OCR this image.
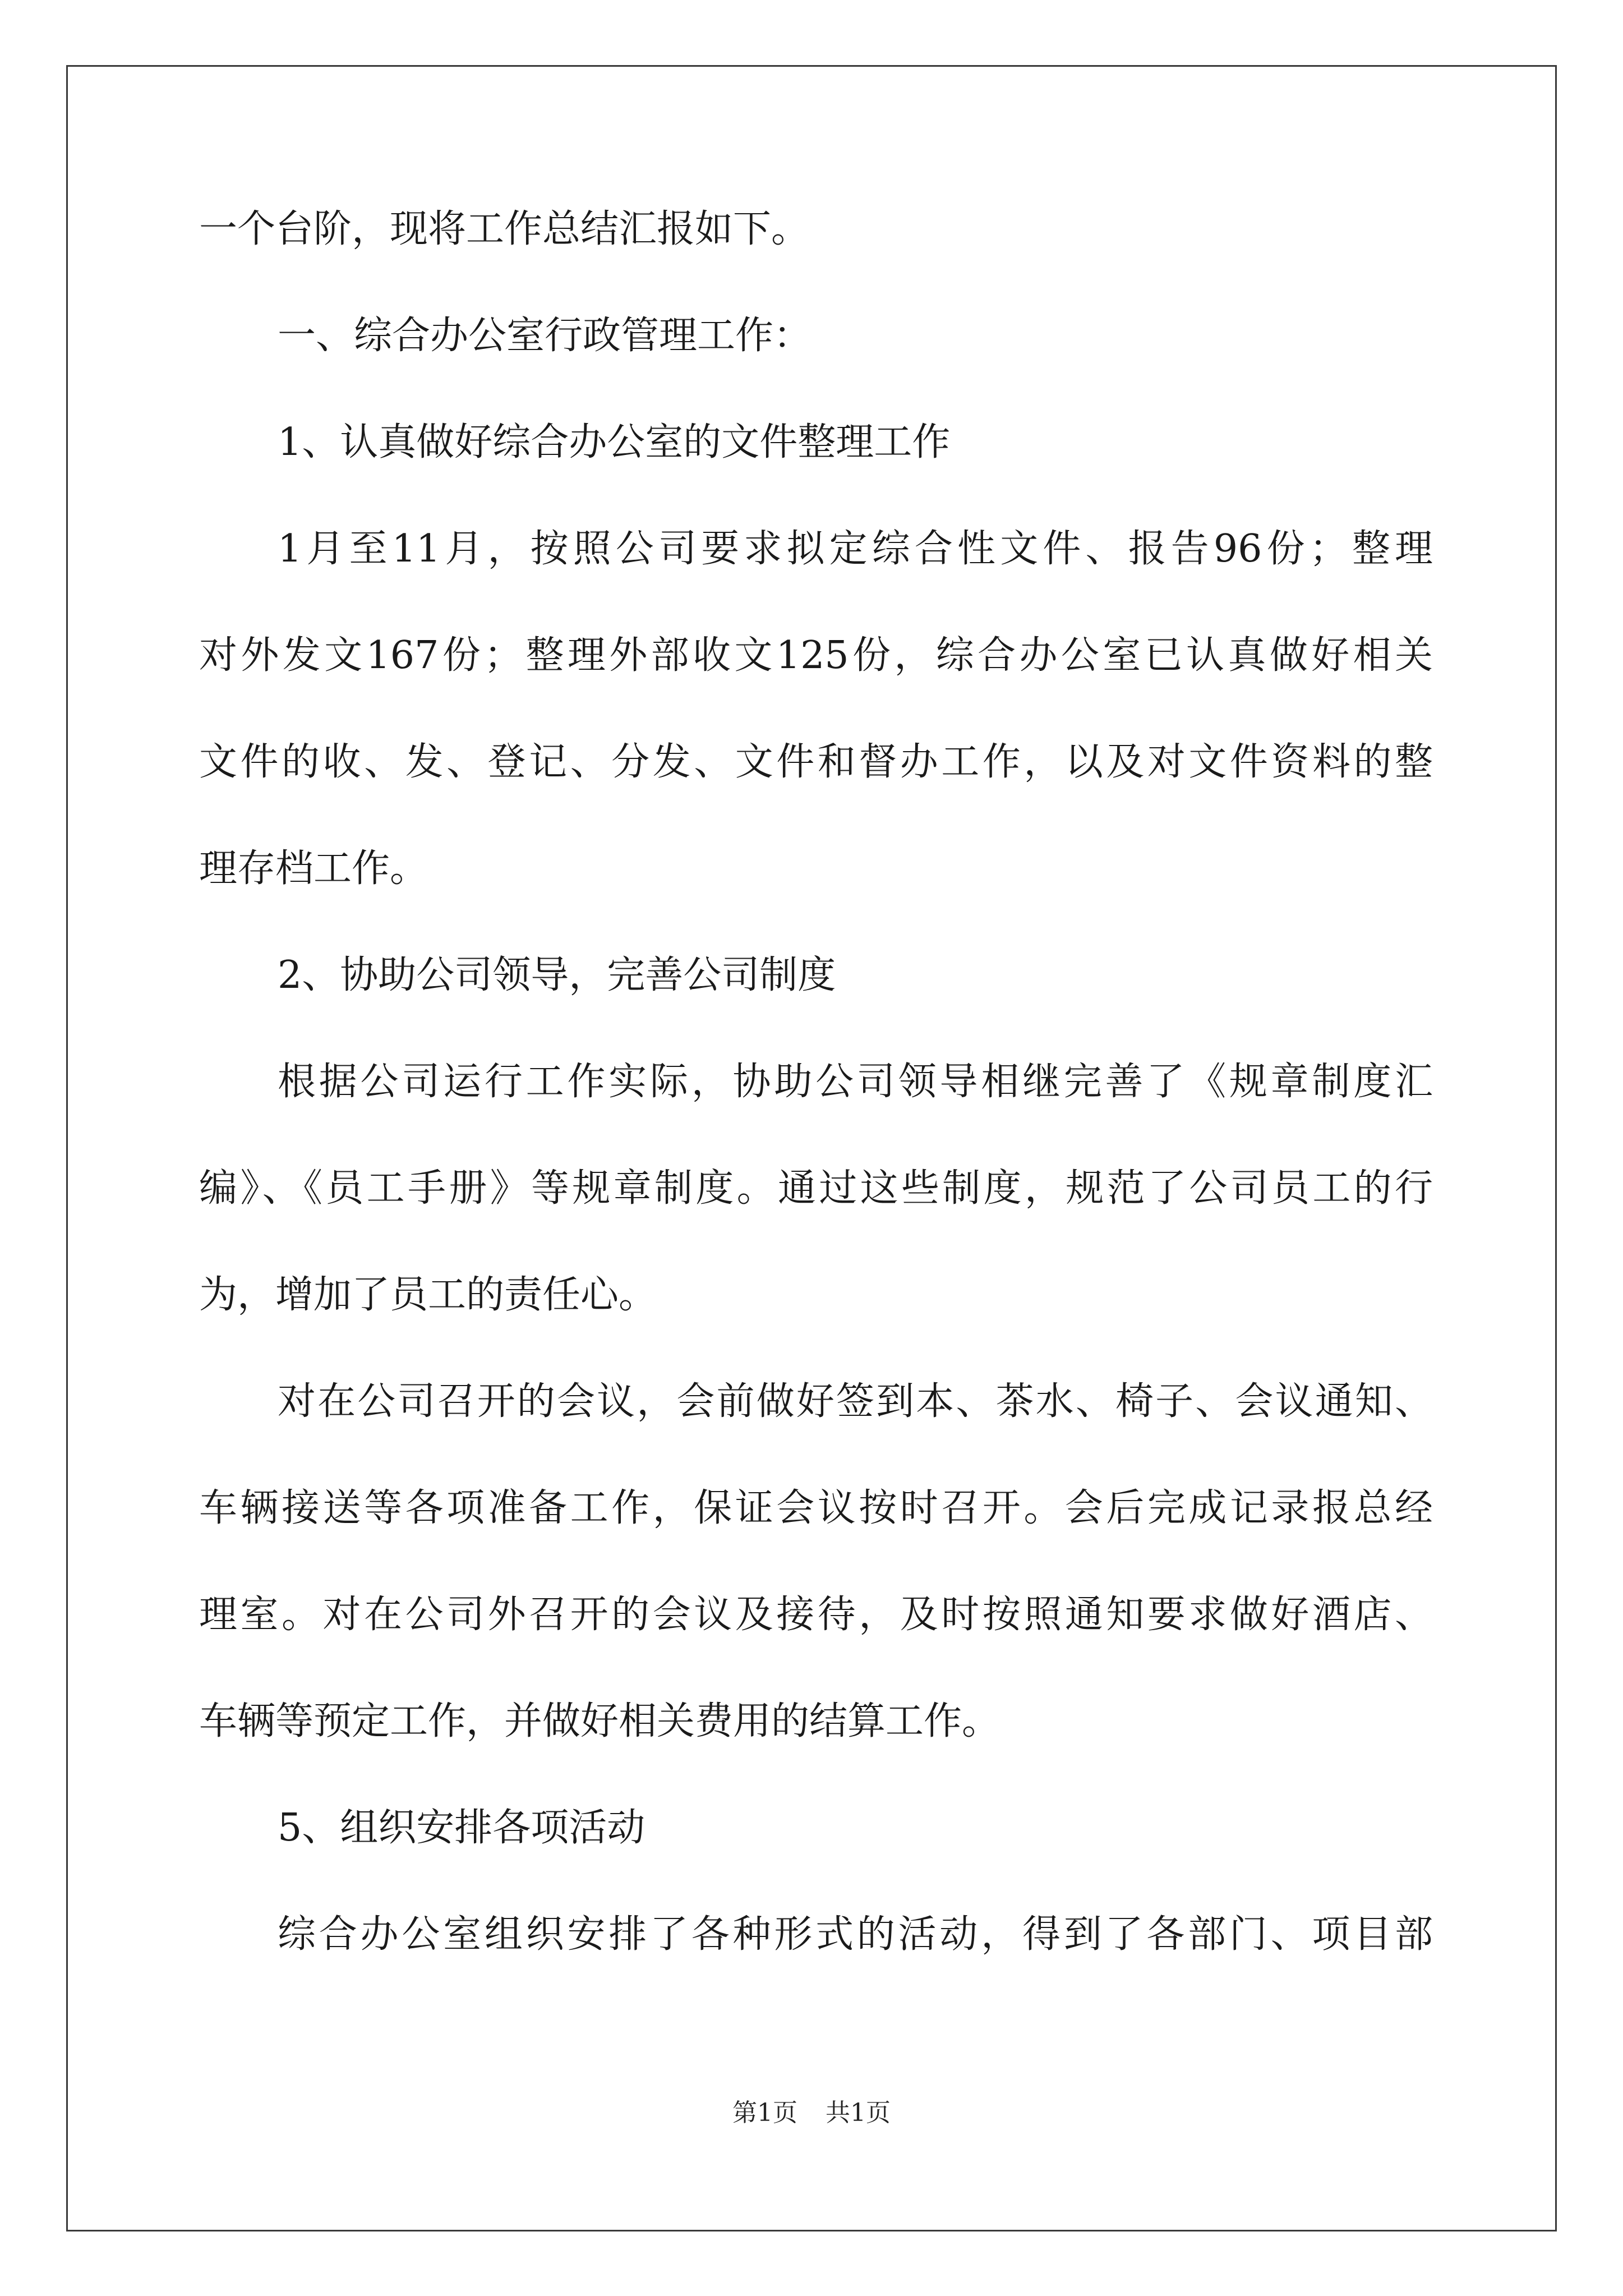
一个台阶，现将工作总结汇报如下。
一、综合办公室行政管理工作：
1、认真做好综合办公室的文件整理工作
1月至11月，按照公司要求拟定综合性文件、报告96份；整理
对外发文167份；整理外部收文125份，综合办公室已认真做好相关
文件的收、发、登记、分发、文件和督办工作，以及对文件资料的整
理存档工作。
2、协助公司领导，完善公司制度
根据公司运行工作实际，协助公司领导相继完善了《规章制度汇
编》、《员工手册》等规章制度。通过这些制度，规范了公司员工的行
为，增加了员工的责任心。
对在公司召开的会议，会前做好签到本、茶水、椅子、会议通知、
车辆接送等各项准备工作，保证会议按时召开。会后完成记录报总经
理室。对在公司外召开的会议及接待，及时按照通知要求做好酒店、
车辆等预定工作，并做好相关费用的结算工作。
5、组织安排各项活动
综合办公室组织安排了各种形式的活动，得到了各部门、项目部
第1页 共1页
